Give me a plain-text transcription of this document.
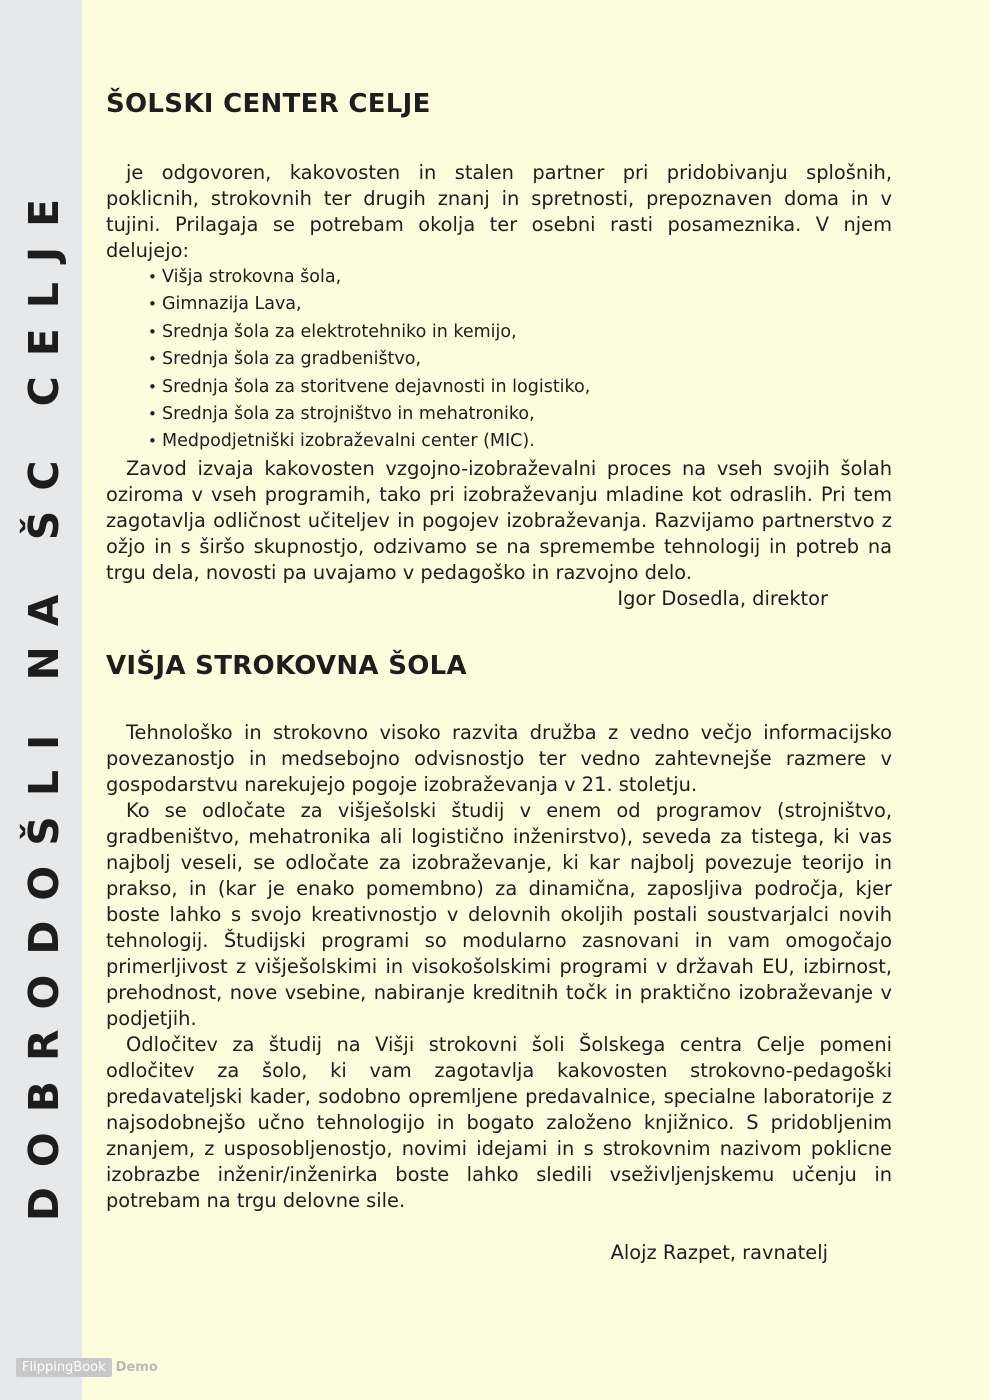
DOBRODOŠLI NA ŠC CELJE
ŠOLSKI CENTER CELJE

je odgovoren, kakovosten in stalen partner pri pridobivanju splošnih, poklicnih, strokovnih ter drugih znanj in spretnosti, prepoznaven doma in v tujini. Prilagaja se potrebam okolja ter osebni rasti posameznika. V njem delujejo:

• Višja strokovna šola,
• Gimnazija Lava,
• Srednja šola za elektrotehniko in kemijo,
• Srednja šola za gradbeništvo,
• Srednja šola za storitvene dejavnosti in logistiko,
• Srednja šola za strojništvo in mehatroniko,
• Medpodjetniški izobraževalni center (MIC).

Zavod izvaja kakovosten vzgojno-izobraževalni proces na vseh svojih šolah oziroma v vseh programih, tako pri izobraževanju mladine kot odraslih. Pri tem zagotavlja odličnost učiteljev in pogojev izobraževanja. Razvijamo partnerstvo z ožjo in s širšo skupnostjo, odzivamo se na spremembe tehnologij in potreb na trgu dela, novosti pa uvajamo v pedagoško in razvojno delo.

Igor Dosedla, direktor
VIŠJA STROKOVNA ŠOLA

Tehnološko in strokovno visoko razvita družba z vedno večjo informacijsko povezanostjo in medsebojno odvisnostjo ter vedno zahtevnejše razmere v gospodarstvu narekujejo pogoje izobraževanja v 21. stoletju.

Ko se odločate za višješolski študij v enem od programov (strojništvo, gradbeništvo, mehatronika ali logistično inženirstvo), seveda za tistega, ki vas najbolj veseli, se odločate za izobraževanje, ki kar najbolj povezuje teorijo in prakso, in (kar je enako pomembno) za dinamična, zaposljiva področja, kjer boste lahko s svojo kreativnostjo v delovnih okoljih postali soustvarjalci novih tehnologij. Študijski programi so modularno zasnovani in vam omogočajo primerljivost z višješolskimi in visokošolskimi programi v državah EU, izbirnost, prehodnost, nove vsebine, nabiranje kreditnih točk in praktično izobraževanje v podjetjih.

Odločitev za študij na Višji strokovni šoli Šolskega centra Celje pomeni odločitev za šolo, ki vam zagotavlja kakovosten strokovno-pedagoški predavateljski kader, sodobno opremljene predavalnice, specialne laboratorije z najsodobnejšo učno tehnologijo in bogato založeno knjižnico. S pridobljenim znanjem, z usposobljenostjo, novimi idejami in s strokovnim nazivom poklicne izobrazbe inženir/inženirka boste lahko sledili vseživljenjskemu učenju in potrebam na trgu delovne sile.

Alojz Razpet, ravnatelj
FlippingBook Demo
